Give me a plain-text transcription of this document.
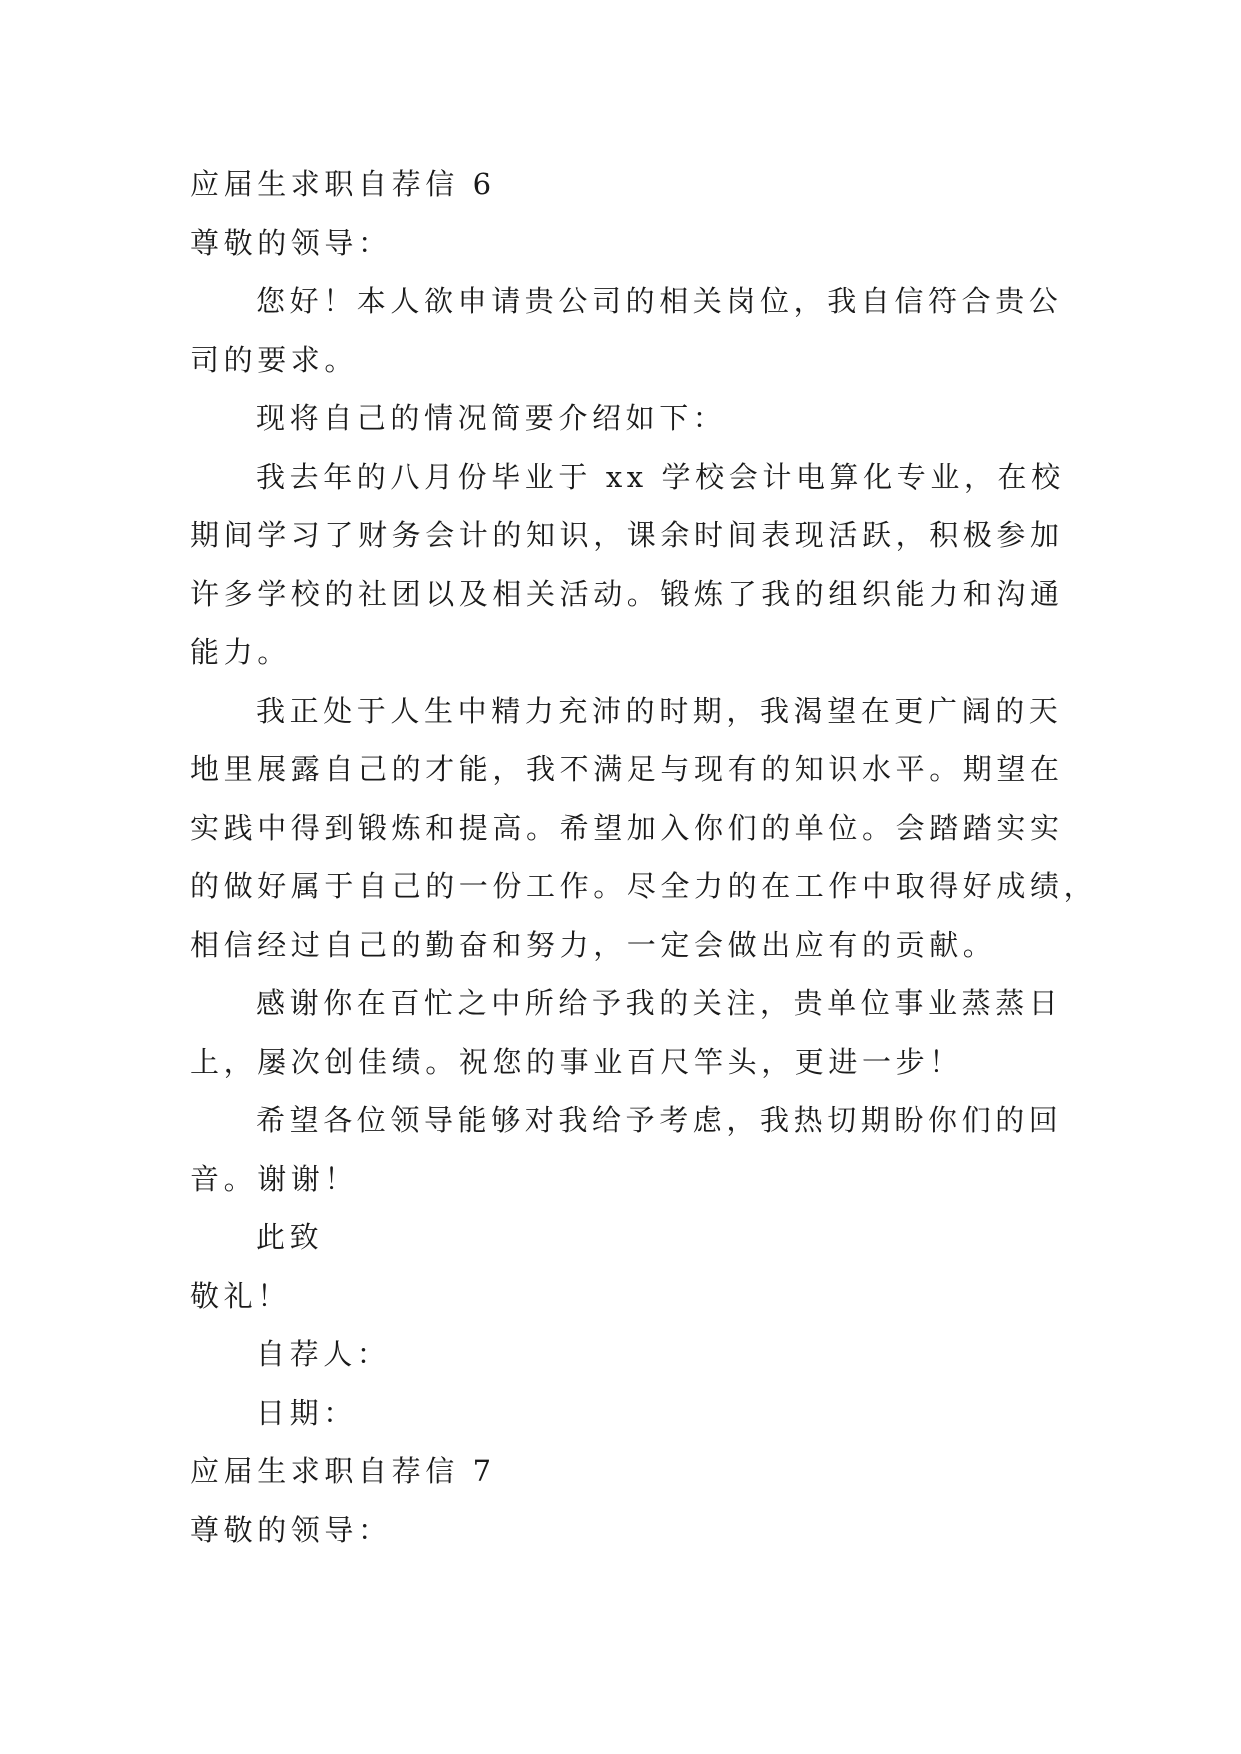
应届生求职自荐信 6
尊敬的领导：
您好！本人欲申请贵公司的相关岗位，我自信符合贵公
司的要求。
现将自己的情况简要介绍如下：
我去年的八月份毕业于 xx 学校会计电算化专业，在校
期间学习了财务会计的知识，课余时间表现活跃，积极参加
许多学校的社团以及相关活动。锻炼了我的组织能力和沟通
能力。
我正处于人生中精力充沛的时期，我渴望在更广阔的天
地里展露自己的才能，我不满足与现有的知识水平。期望在
实践中得到锻炼和提高。希望加入你们的单位。会踏踏实实
的做好属于自己的一份工作。尽全力的在工作中取得好成绩，
相信经过自己的勤奋和努力，一定会做出应有的贡献。
感谢你在百忙之中所给予我的关注，贵单位事业蒸蒸日
上，屡次创佳绩。祝您的事业百尺竿头，更进一步！
希望各位领导能够对我给予考虑，我热切期盼你们的回
音。谢谢！
此致
敬礼！
自荐人：
日期：
应届生求职自荐信 7
尊敬的领导：
